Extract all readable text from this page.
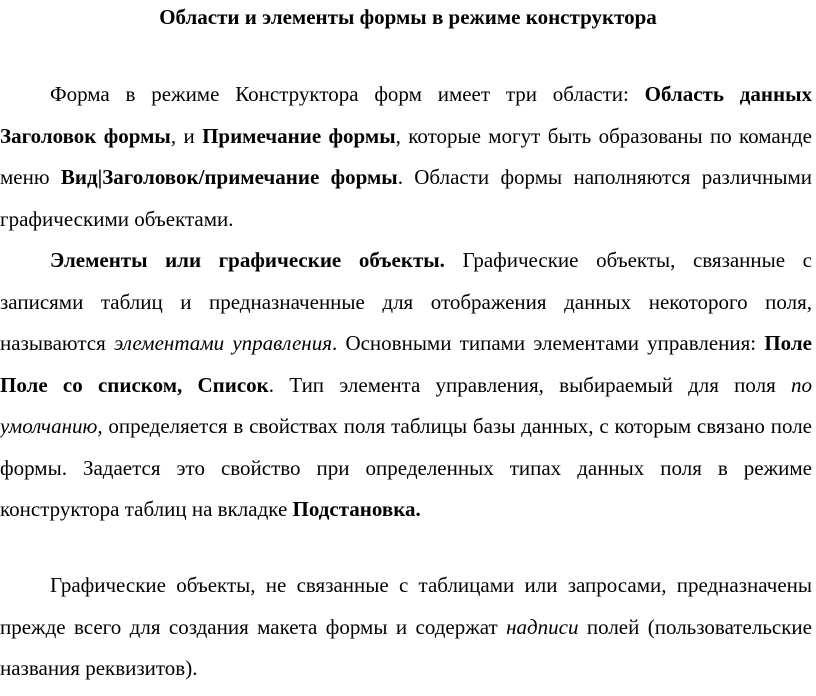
Области и элементы формы в режиме конструктора

Форма в режиме Конструктора форм имеет три области: Область данных Заголовок формы, и Примечание формы, которые могут быть образованы по команде меню Вид|Заголовок/примечание формы. Области формы наполняются различными графическими объектами.

Элементы или графические объекты. Графические объекты, связанные с записями таблиц и предназначенные для отображения данных некоторого поля, называются элементами управления. Основными типами элементами управления: Поле Поле со списком, Список. Тип элемента управления, выбираемый для поля по умолчанию, определяется в свойствах поля таблицы базы данных, с которым связано поле формы. Задается это свойство при определенных типах данных поля в режиме конструктора таблиц на вкладке Подстановка.

Графические объекты, не связанные с таблицами или запросами, предназначены прежде всего для создания макета формы и содержат надписи полей (пользовательские названия реквизитов).
